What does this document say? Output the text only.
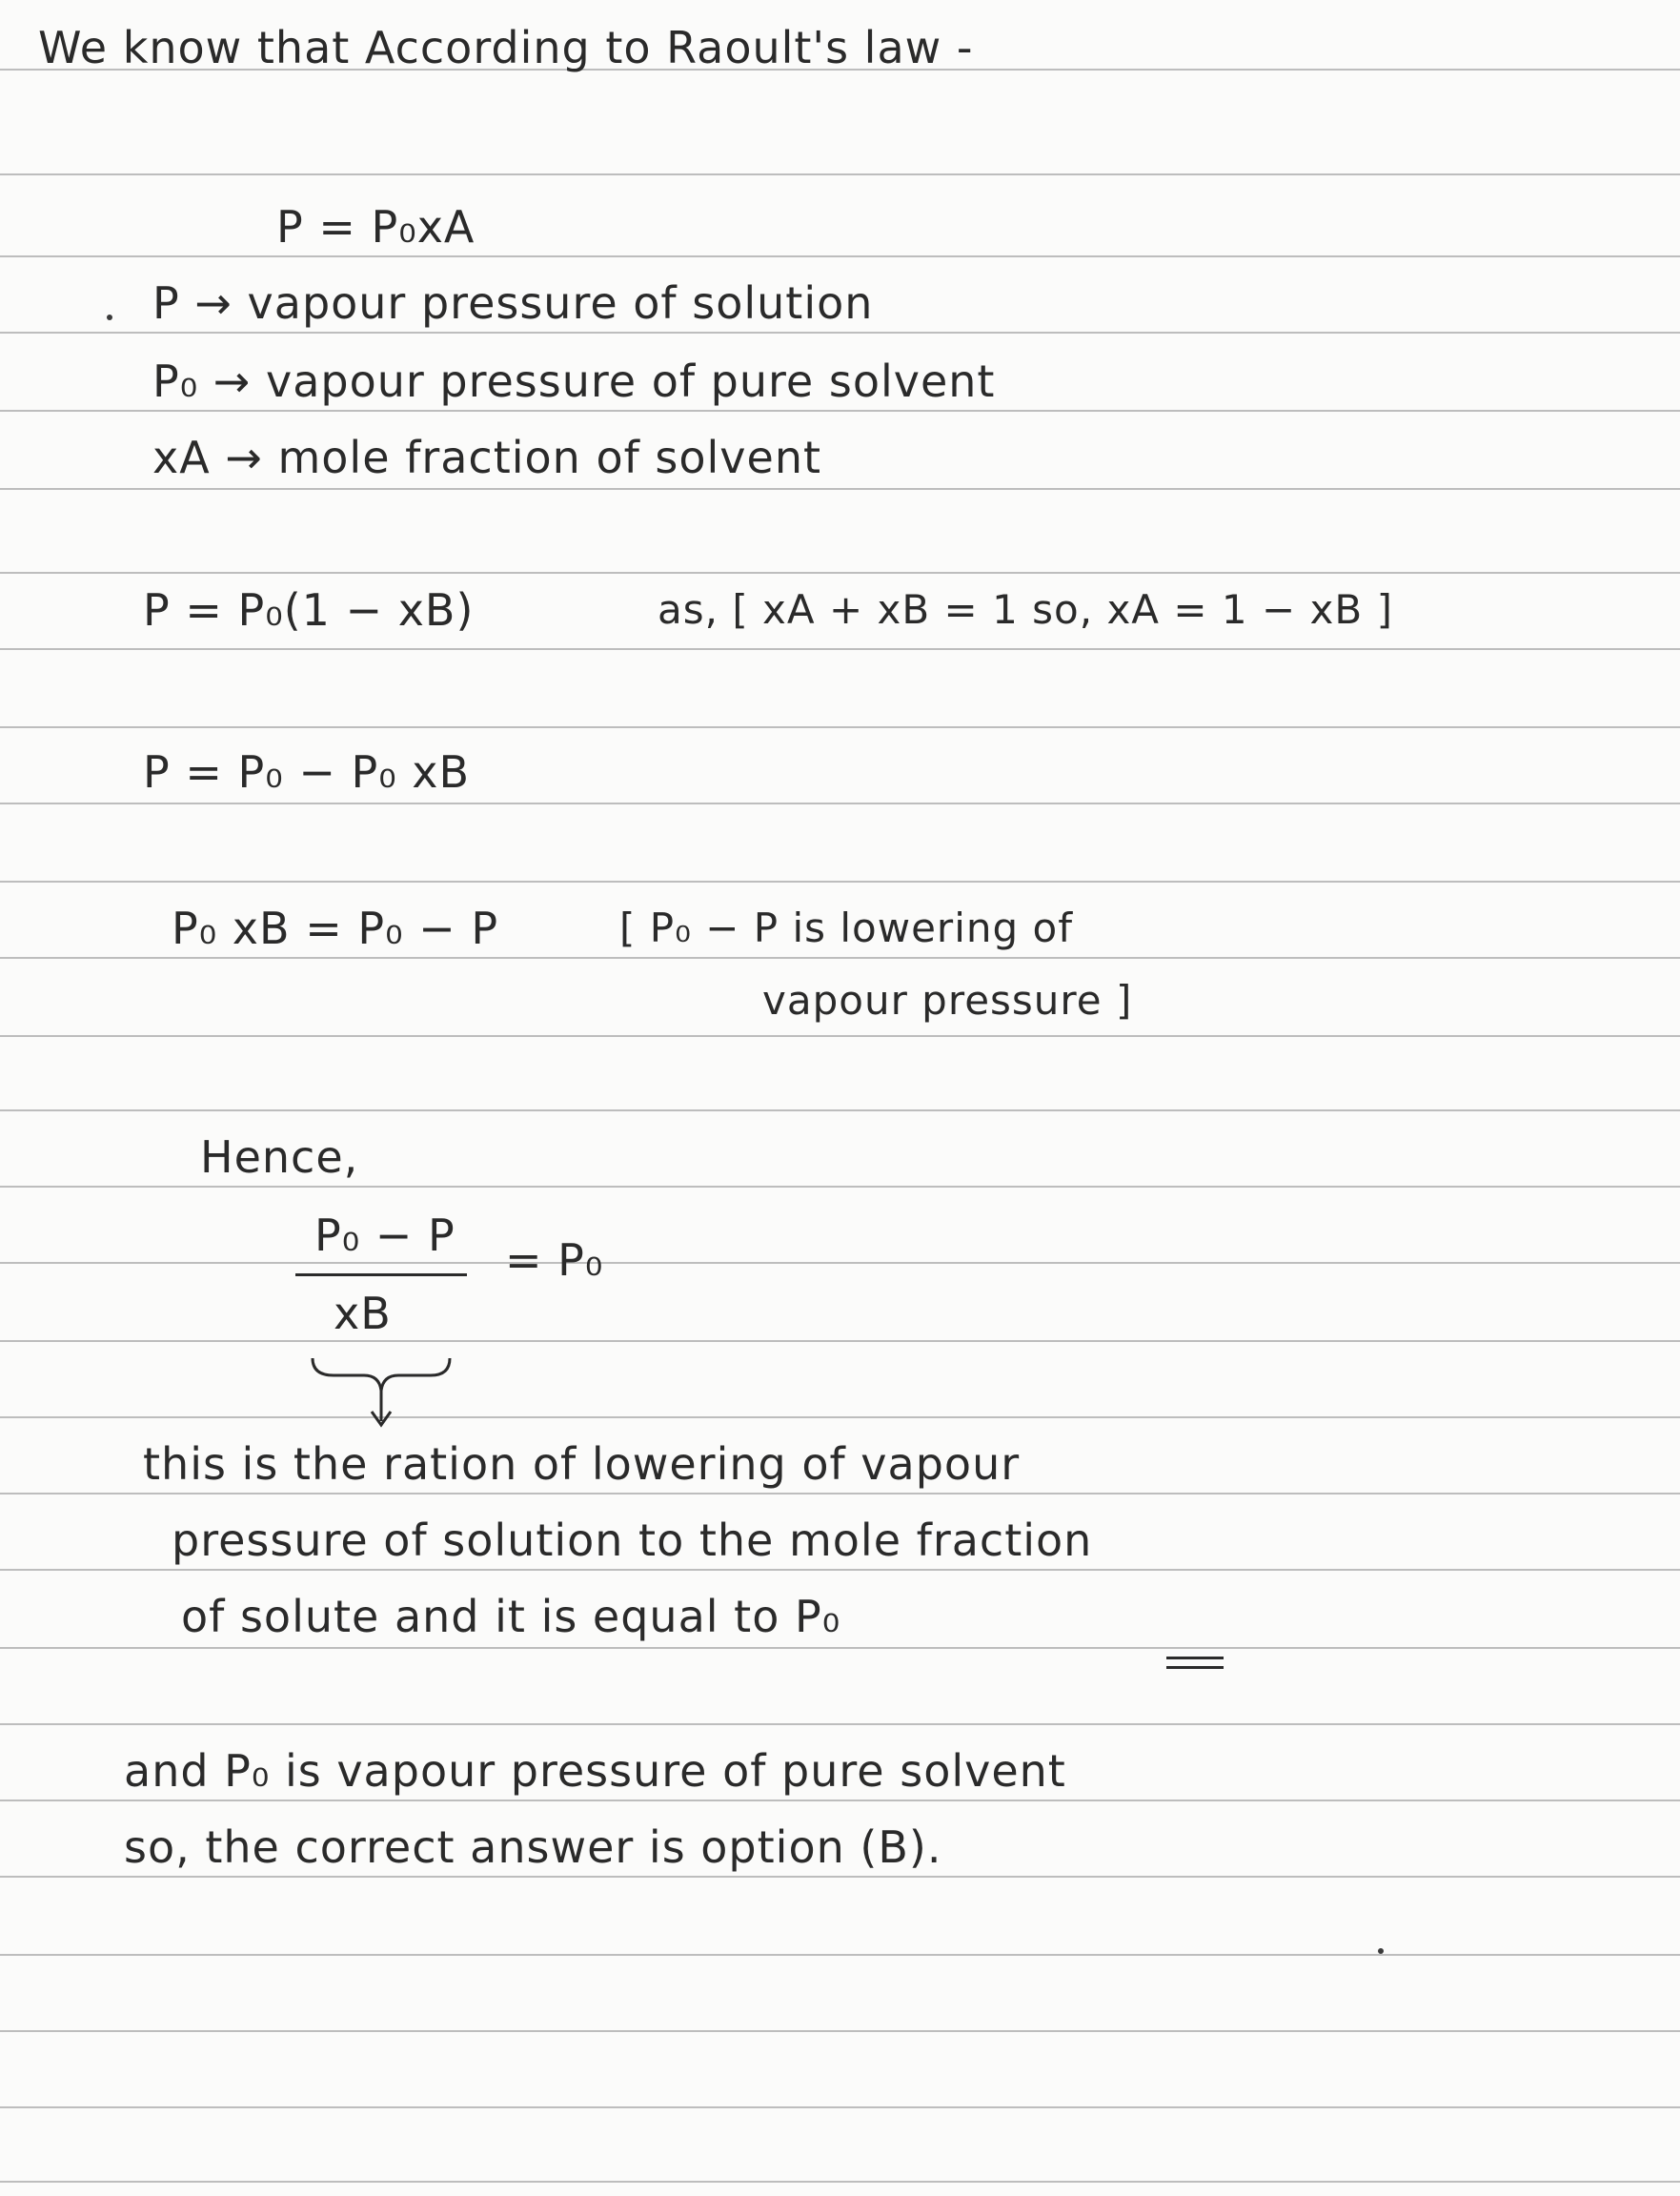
We know that According to Raoult's law -
P = P₀xA
P → vapour pressure of solution
P₀ → vapour pressure of pure solvent
xA → mole fraction of solvent
P = P₀(1 − xB)	as, [ xA + xB = 1 so, xA = 1 − xB ]
P = P₀ − P₀ xB
P₀ xB = P₀ − P	[ P₀ − P is lowering of
vapour pressure ]
Hence,
P₀ − P
xB
= P₀
this is the ration of lowering of vapour
pressure of solution to the mole fraction
of solute and it is equal to P₀
and P₀ is vapour pressure of pure solvent
so, the correct answer is option (B).
